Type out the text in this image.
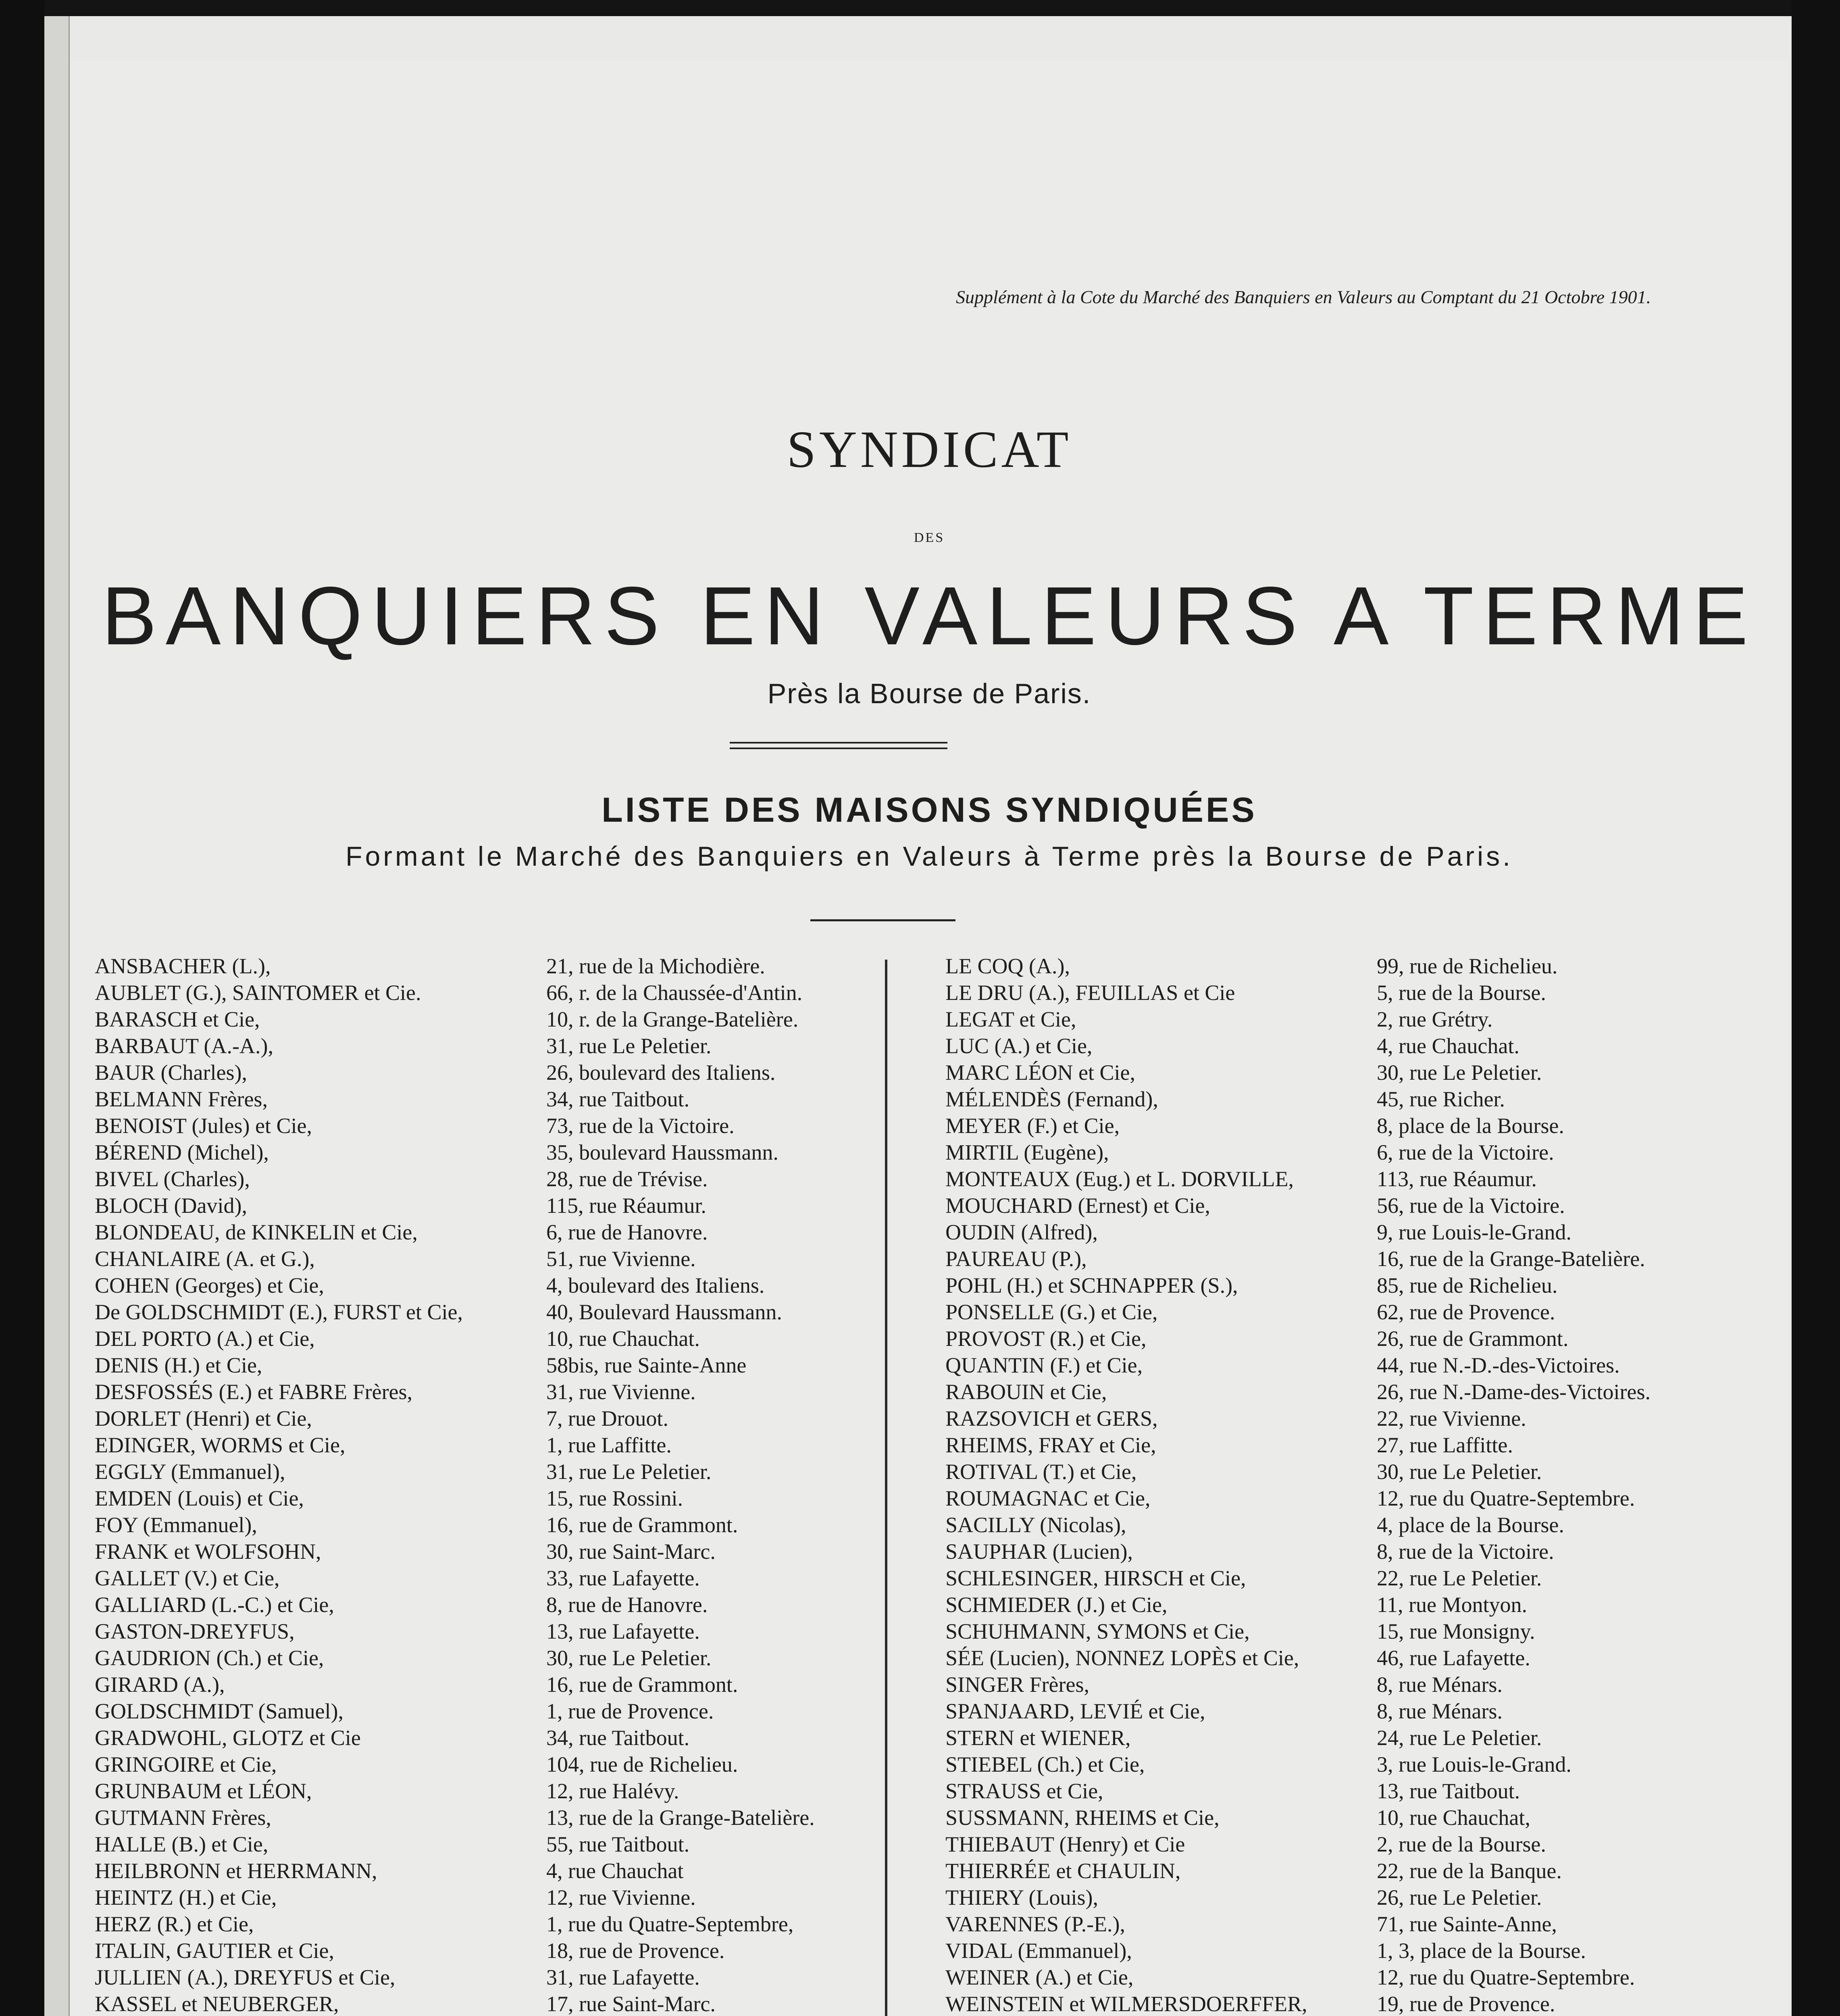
Supplément à la Cote du Marché des Banquiers en Valeurs au Comptant du 21 Octobre 1901.
SYNDICAT
DES
BANQUIERS EN VALEURS A TERME
Près la Bourse de Paris.
LISTE DES MAISONS SYNDIQUÉES
Formant le Marché des Banquiers en Valeurs à Terme près la Bourse de Paris.
ANSBACHER (L.),	21, rue de la Michodière.
AUBLET (G.), SAINTOMER et Cie.	66, r. de la Chaussée-d'Antin.
BARASCH et Cie,	10, r. de la Grange-Batelière.
BARBAUT (A.-A.),	31, rue Le Peletier.
BAUR (Charles),	26, boulevard des Italiens.
BELMANN Frères,	34, rue Taitbout.
BENOIST (Jules) et Cie,	73, rue de la Victoire.
BÉREND (Michel),	35, boulevard Haussmann.
BIVEL (Charles),	28, rue de Trévise.
BLOCH (David),	115, rue Réaumur.
BLONDEAU, de KINKELIN et Cie,	6, rue de Hanovre.
CHANLAIRE (A. et G.),	51, rue Vivienne.
COHEN (Georges) et Cie,	4, boulevard des Italiens.
De GOLDSCHMIDT (E.), FURST et Cie,	40, Boulevard Haussmann.
DEL PORTO (A.) et Cie,	10, rue Chauchat.
DENIS (H.) et Cie,	58bis, rue Sainte-Anne
DESFOSSÉS (E.) et FABRE Frères,	31, rue Vivienne.
DORLET (Henri) et Cie,	7, rue Drouot.
EDINGER, WORMS et Cie,	1, rue Laffitte.
EGGLY (Emmanuel),	31, rue Le Peletier.
EMDEN (Louis) et Cie,	15, rue Rossini.
FOY (Emmanuel),	16, rue de Grammont.
FRANK et WOLFSOHN,	30, rue Saint-Marc.
GALLET (V.) et Cie,	33, rue Lafayette.
GALLIARD (L.-C.) et Cie,	8, rue de Hanovre.
GASTON-DREYFUS,	13, rue Lafayette.
GAUDRION (Ch.) et Cie,	30, rue Le Peletier.
GIRARD (A.),	16, rue de Grammont.
GOLDSCHMIDT (Samuel),	1, rue de Provence.
GRADWOHL, GLOTZ et Cie	34, rue Taitbout.
GRINGOIRE et Cie,	104, rue de Richelieu.
GRUNBAUM et LÉON,	12, rue Halévy.
GUTMANN Frères,	13, rue de la Grange-Batelière.
HALLE (B.) et Cie,	55, rue Taitbout.
HEILBRONN et HERRMANN,	4, rue Chauchat
HEINTZ (H.) et Cie,	12, rue Vivienne.
HERZ (R.) et Cie,	1, rue du Quatre-Septembre,
ITALIN, GAUTIER et Cie,	18, rue de Provence.
JULLIEN (A.), DREYFUS et Cie,	31, rue Lafayette.
KASSEL et NEUBERGER,	17, rue Saint-Marc.
LE COQ (A.),	99, rue de Richelieu.
LE DRU (A.), FEUILLAS et Cie	5, rue de la Bourse.
LEGAT et Cie,	2, rue Grétry.
LUC (A.) et Cie,	4, rue Chauchat.
MARC LÉON et Cie,	30, rue Le Peletier.
MÉLENDÈS (Fernand),	45, rue Richer.
MEYER (F.) et Cie,	8, place de la Bourse.
MIRTIL (Eugène),	6, rue de la Victoire.
MONTEAUX (Eug.) et L. DORVILLE,	113, rue Réaumur.
MOUCHARD (Ernest) et Cie,	56, rue de la Victoire.
OUDIN (Alfred),	9, rue Louis-le-Grand.
PAUREAU (P.),	16, rue de la Grange-Batelière.
POHL (H.) et SCHNAPPER (S.),	85, rue de Richelieu.
PONSELLE (G.) et Cie,	62, rue de Provence.
PROVOST (R.) et Cie,	26, rue de Grammont.
QUANTIN (F.) et Cie,	44, rue N.-D.-des-Victoires.
RABOUIN et Cie,	26, rue N.-Dame-des-Victoires.
RAZSOVICH et GERS,	22, rue Vivienne.
RHEIMS, FRAY et Cie,	27, rue Laffitte.
ROTIVAL (T.) et Cie,	30, rue Le Peletier.
ROUMAGNAC et Cie,	12, rue du Quatre-Septembre.
SACILLY (Nicolas),	4, place de la Bourse.
SAUPHAR (Lucien),	8, rue de la Victoire.
SCHLESINGER, HIRSCH et Cie,	22, rue Le Peletier.
SCHMIEDER (J.) et Cie,	11, rue Montyon.
SCHUHMANN, SYMONS et Cie,	15, rue Monsigny.
SÉE (Lucien), NONNEZ LOPÈS et Cie,	46, rue Lafayette.
SINGER Frères,	8, rue Ménars.
SPANJAARD, LEVIÉ et Cie,	8, rue Ménars.
STERN et WIENER,	24, rue Le Peletier.
STIEBEL (Ch.) et Cie,	3, rue Louis-le-Grand.
STRAUSS et Cie,	13, rue Taitbout.
SUSSMANN, RHEIMS et Cie,	10, rue Chauchat,
THIEBAUT (Henry) et Cie	2, rue de la Bourse.
THIERRÉE et CHAULIN,	22, rue de la Banque.
THIERY (Louis),	26, rue Le Peletier.
VARENNES (P.-E.),	71, rue Sainte-Anne,
VIDAL (Emmanuel),	1, 3, place de la Bourse.
WEINER (A.) et Cie,	12, rue du Quatre-Septembre.
WEINSTEIN et WILMERSDOERFFER,	19, rue de Provence.
